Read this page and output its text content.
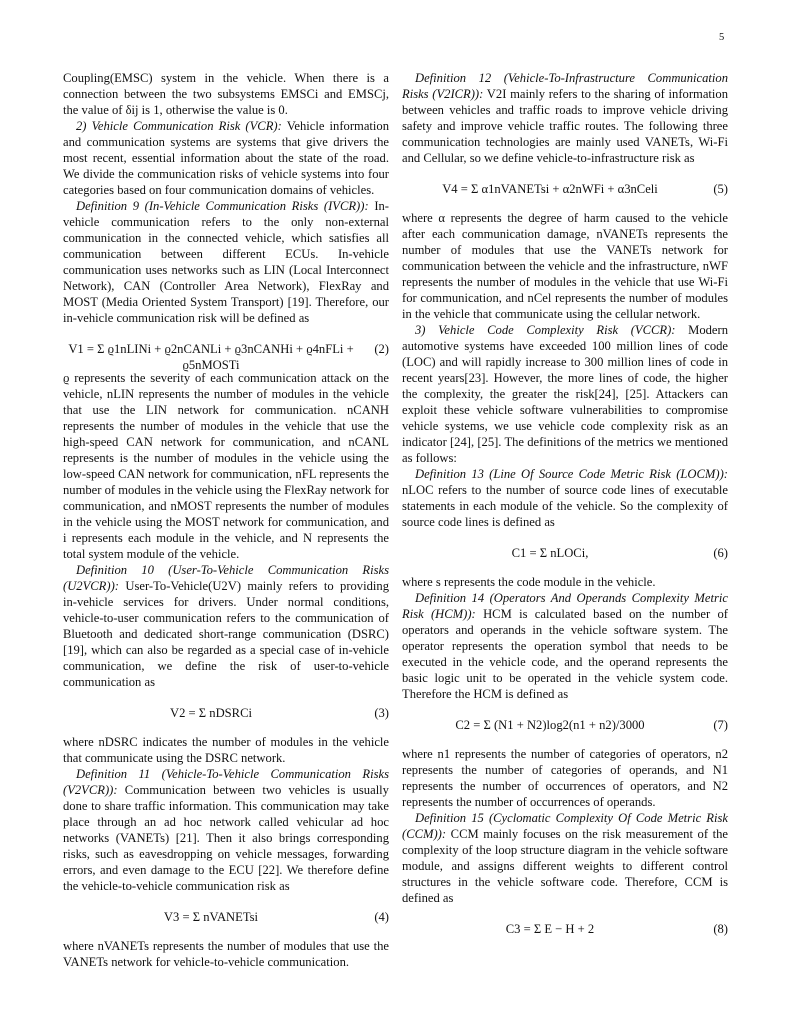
5

Coupling(EMSC) system in the vehicle. When there is a connection between the two subsystems EMSCi and EMSCj, the value of δij is 1, otherwise the value is 0.

2) Vehicle Communication Risk (VCR): Vehicle information and communication systems are systems that give drivers the most recent, essential information about the state of the road. We divide the communication risks of vehicle systems into four categories based on four communication domains of vehicles.

Definition 9 (In-Vehicle Communication Risks (IVCR)): In-vehicle communication refers to the only non-external communication in the connected vehicle, which satisfies all communication between different ECUs. In-vehicle communication uses networks such as LIN (Local Interconnect Network), CAN (Controller Area Network), FlexRay and MOST (Media Oriented System Transport) [19]. Therefore, our in-vehicle communication risk will be defined as

V1 = Σ ϱ1nLINi + ϱ2nCANLi + ϱ3nCANHi + ϱ4nFLi + ϱ5nMOSTi
(2)

ϱ represents the severity of each communication attack on the vehicle, nLIN represents the number of modules in the vehicle that use the LIN network for communication. nCANH represents the number of modules in the vehicle that use the high-speed CAN network for communication, and nCANL represents is the number of modules in the vehicle using the low-speed CAN network for communication, nFL represents the number of modules in the vehicle using the FlexRay network for communication, and nMOST represents the number of modules in the vehicle using the MOST network for communication, and i represents each module in the vehicle, and N represents the total system module of the vehicle.

Definition 10 (User-To-Vehicle Communication Risks (U2VCR)): User-To-Vehicle(U2V) mainly refers to providing in-vehicle services for drivers. Under normal conditions, vehicle-to-user communication refers to the communication of Bluetooth and dedicated short-range communication (DSRC) [19], which can also be regarded as a special case of in-vehicle communication, we define the risk of user-to-vehicle communication as

V2 = Σ nDSRCi	(3)

where nDSRC indicates the number of modules in the vehicle that communicate using the DSRC network.

Definition 11 (Vehicle-To-Vehicle Communication Risks (V2VCR)): Communication between two vehicles is usually done to share traffic information. This communication may take place through an ad hoc network called vehicular ad hoc networks (VANETs) [21]. Then it also brings corresponding risks, such as eavesdropping on vehicle messages, forwarding errors, and even damage to the ECU [22]. We therefore define the vehicle-to-vehicle communication risk as

V3 = Σ nVANETsi	(4)

where nVANETs represents the number of modules that use the VANETs network for vehicle-to-vehicle communication.

Definition 12 (Vehicle-To-Infrastructure Communication Risks (V2ICR)): V2I mainly refers to the sharing of information between vehicles and traffic roads to improve vehicle driving safety and improve vehicle traffic routes. The following three communication technologies are mainly used VANETs, Wi-Fi and Cellular, so we define vehicle-to-infrastructure risk as

V4 = Σ α1nVANETsi + α2nWFi + α3nCeli	(5)

where α represents the degree of harm caused to the vehicle after each communication damage, nVANETs represents the number of modules that use the VANETs network for communication between the vehicle and the infrastructure, nWF represents the number of modules in the vehicle that use Wi-Fi for communication, and nCel represents the number of modules in the vehicle that communicate using the cellular network.

3) Vehicle Code Complexity Risk (VCCR): Modern automotive systems have exceeded 100 million lines of code (LOC) and will rapidly increase to 300 million lines of code in recent years[23]. However, the more lines of code, the higher the complexity, the greater the risk[24], [25]. Attackers can exploit these vehicle software vulnerabilities to compromise vehicle systems, we use vehicle code complexity risk as an indicator [24], [25]. The definitions of the metrics we mentioned as follows:

Definition 13 (Line Of Source Code Metric Risk (LOCM)): nLOC refers to the number of source code lines of executable statements in each module of the vehicle. So the complexity of source code lines is defined as

C1 = Σ nLOCi,	(6)

where s represents the code module in the vehicle.

Definition 14 (Operators And Operands Complexity Metric Risk (HCM)): HCM is calculated based on the number of operators and operands in the vehicle software system. The operator represents the operation symbol that needs to be executed in the vehicle code, and the operand represents the basic logic unit to be operated in the vehicle system code. Therefore the HCM is defined as

C2 = Σ (N1 + N2)log2(n1 + n2)/3000	(7)

where n1 represents the number of categories of operators, n2 represents the number of categories of operands, and N1 represents the number of occurrences of operators, and N2 represents the number of occurrences of operands.

Definition 15 (Cyclomatic Complexity Of Code Metric Risk (CCM)): CCM mainly focuses on the risk measurement of the complexity of the loop structure diagram in the vehicle software module, and assigns different weights to different control structures in the vehicle software code. Therefore, CCM is defined as

C3 = Σ E − H + 2	(8)
